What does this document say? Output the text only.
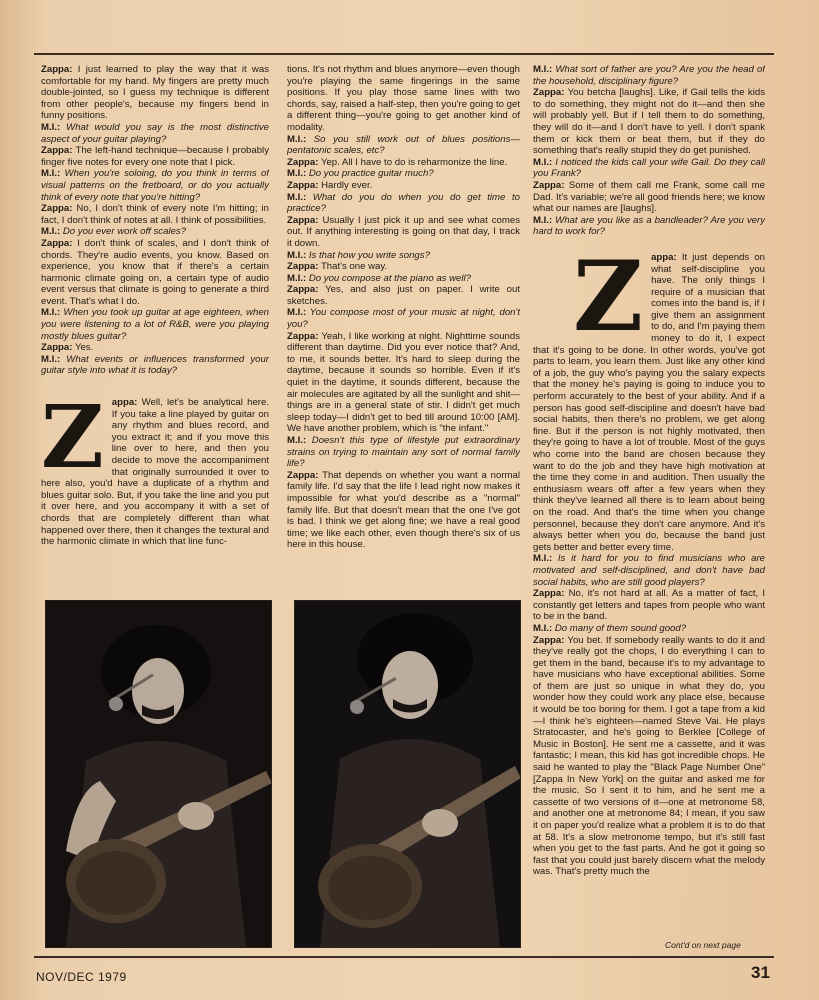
Zappa: I just learned to play the way that it was comfortable for my hand. My fingers are pretty much double-jointed, so I guess my technique is different from other people's, because my fingers bend in funny positions.

M.I.: What would you say is the most distinctive aspect of your guitar playing?

Zappa: The left-hand technique—because I probably finger five notes for every one note that I pick.

M.I.: When you're soloing, do you think in terms of visual patterns on the fretboard, or do you actually think of every note that you're hitting?

Zappa: No, I don't think of every note I'm hitting; in fact, I don't think of notes at all. I think of possibilities.

M.I.: Do you ever work off scales?

Zappa: I don't think of scales, and I don't think of chords. They're audio events, you know. Based on experience, you know that if there's a certain harmonic climate going on, a certain type of audio event versus that climate is going to generate a third event. That's what I do.

M.I.: When you took up guitar at age eighteen, when you were listening to a lot of R&B, were you playing mostly blues guitar?

Zappa: Yes.

M.I.: What events or influences transformed your guitar style into what it is today?

Zappa: Well, let's be analytical here. If you take a line played by guitar on any rhythm and blues record, and you extract it; and if you move this line over to here, and then you decide to move the accompaniment that originally surrounded it over to here also, you'd have a duplicate of a rhythm and blues guitar solo. But, if you take the line and you put it over here, and you accompany it with a set of chords that are completely different than what happened over there, then it changes the textural and the harmonic climate in which that line func-

tions. It's not rhythm and blues anymore—even though you're playing the same fingerings in the same positions. If you play those same lines with two chords, say, raised a half-step, then you're going to get a different thing—you're going to get another kind of modality.

M.I.: So you still work out of blues positions—pentatonic scales, etc?

Zappa: Yep. All I have to do is reharmonize the line.

M.I.: Do you practice guitar much?

Zappa: Hardly ever.

M.I.: What do you do when you do get time to practice?

Zappa: Usually I just pick it up and see what comes out. If anything interesting is going on that day, I track it down.

M.I.: Is that how you write songs?

Zappa: That's one way.

M.I.: Do you compose at the piano as well?

Zappa: Yes, and also just on paper. I write out sketches.

M.I.: You compose most of your music at night, don't you?

Zappa: Yeah, I like working at night. Nighttime sounds different than daytime. Did you ever notice that? And, to me, it sounds better. It's hard to sleep during the daytime, because it sounds so horrible. Even if it's quiet in the daytime, it sounds different, because the air molecules are agitated by all the sunlight and shit—things are in a general state of stir. I didn't get much sleep today—I didn't get to bed till around 10:00 [AM]. We have another problem, which is "the infant."

M.I.: Doesn't this type of lifestyle put extraordinary strains on trying to maintain any sort of normal family life?

Zappa: That depends on whether you want a normal family life. I'd say that the life I lead right now makes it impossible for what you'd describe as a "normal" family life. But that doesn't mean that the one I've got is bad. I think we get along fine; we have a real good time; we like each other, even though there's six of us here in this house.

M.I.: What sort of father are you? Are you the head of the household, disciplinary figure?

Zappa: You betcha [laughs]. Like, if Gail tells the kids to do something, they might not do it—and then she will probably yell. But if I tell them to do something, they will do it—and I don't have to yell. I don't spank them or kick them or beat them, but if they do something that's really stupid they do get punished.

M.I.: I noticed the kids call your wife Gail. Do they call you Frank?

Zappa: Some of them call me Frank, some call me Dad. It's variable; we're all good friends here; we know what our names are [laughs].

M.I.: What are you like as a bandleader? Are you very hard to work for?

Zappa: It just depends on what self-discipline you have. The only things I require of a musician that comes into the band is, if I give them an assignment to do, and I'm paying them money to do it, I expect that it's going to be done. In other words, you've got parts to learn, you learn them. Just like any other kind of a job, the guy who's paying you the salary expects that the money he's paying is going to induce you to perform accurately to the best of your ability. And if a person has good self-discipline and doesn't have bad social habits, then there's no problem, we get along fine. But if the person is not highly motivated, then they're going to have a lot of trouble. Most of the guys who come into the band are chosen because they want to do the job and they have high motivation at the time they come in and audition. Then usually the enthusiasm wears off after a few years when they think they've learned all there is to learn about being on the road. And that's the time when you change personnel, because they don't care anymore. And it's always better when you do, because the band just gets better and better every time.

M.I.: Is it hard for you to find musicians who are motivated and self-disciplined, and don't have bad social habits, who are still good players?

Zappa: No, it's not hard at all. As a matter of fact, I constantly get letters and tapes from people who want to be in the band.

M.I.: Do many of them sound good?

Zappa: You bet. If somebody really wants to do it and they've really got the chops, I do everything I can to get them in the band, because it's to my advantage to have musicians who have exceptional abilities. Some of them are just so unique in what they do, you wonder how they could work any place else, because it would be too boring for them. I got a tape from a kid—I think he's eighteen—named Steve Vai. He plays Stratocaster, and he's going to Berklee [College of Music in Boston]. He sent me a cassette, and it was fantastic; I mean, this kid has got incredible chops. He said he wanted to play the "Black Page Number One" [Zappa In New York] on the guitar and asked me for the music. So I sent it to him, and he sent me a cassette of two versions of it—one at metronome 58, and another one at metronome 84; I mean, if you saw it on paper you'd realize what a problem it is to do that at 58. It's a slow metronome tempo, but it's still fast when you get to the fast parts. And he got it going so fast that you could just barely discern what the melody was. That's pretty much the

Cont'd on next page
NOV/DEC 1979	31
